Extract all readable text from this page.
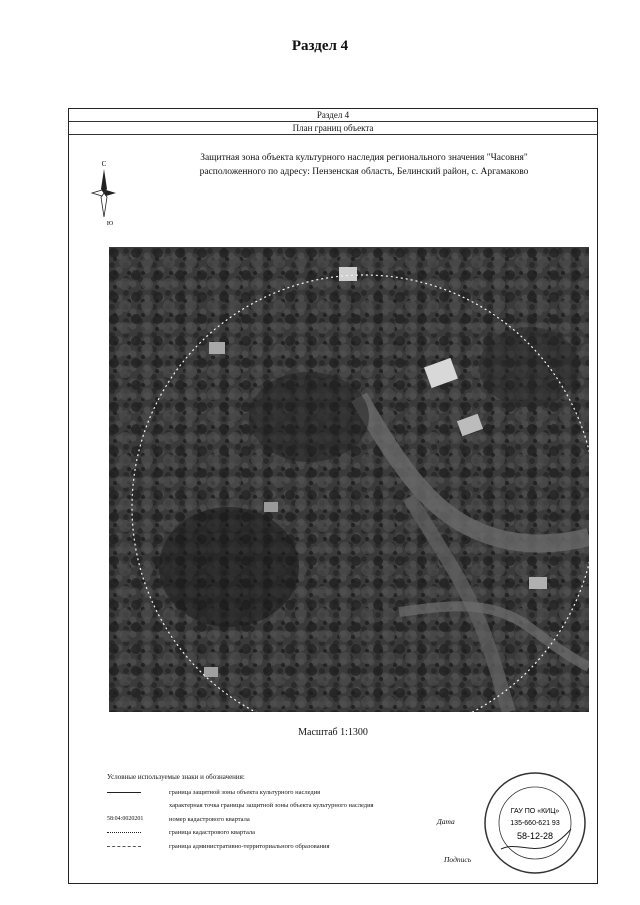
Раздел 4
Раздел 4
План границ объекта
С
Ю
Защитная зона объекта культурного наследия регионального значения "Часовня"
расположенного по адресу: Пензенская область, Белинский район, с. Аргамаково
Масштаб 1:1300
Условные используемые знаки и обозначения:
граница защитной зоны объекта культурного наследия
характерная точка границы защитной зоны объекта культурного наследия
58:04:0020201	номер кадастрового квартала
граница кадастрового квартала
граница административно-территориального образования
Дата
Подпись
ГАУ ПО «КИЦ»
135-660-621 93
58-12-28
